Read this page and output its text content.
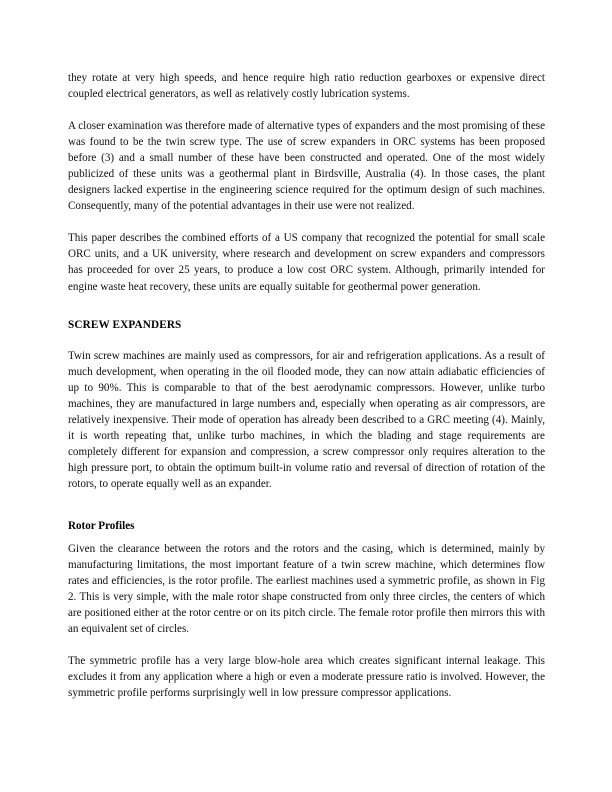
they rotate at very high speeds, and hence require high ratio reduction gearboxes or expensive direct coupled electrical generators, as well as relatively costly lubrication systems.

A closer examination was therefore made of alternative types of expanders and the most promising of these was found to be the twin screw type. The use of screw expanders in ORC systems has been proposed before (3) and a small number of these have been constructed and operated. One of the most widely publicized of these units was a geothermal plant in Birdsville, Australia (4). In those cases, the plant designers lacked expertise in the engineering science required for the optimum design of such machines. Consequently, many of the potential advantages in their use were not realized.

This paper describes the combined efforts of a US company that recognized the potential for small scale ORC units, and a UK university, where research and development on screw expanders and compressors has proceeded for over 25 years, to produce a low cost ORC system. Although, primarily intended for engine waste heat recovery, these units are equally suitable for geothermal power generation.

SCREW EXPANDERS

Twin screw machines are mainly used as compressors, for air and refrigeration applications. As a result of much development, when operating in the oil flooded mode, they can now attain adiabatic efficiencies of up to 90%. This is comparable to that of the best aerodynamic compressors. However, unlike turbo machines, they are manufactured in large numbers and, especially when operating as air compressors, are relatively inexpensive. Their mode of operation has already been described to a GRC meeting (4). Mainly, it is worth repeating that, unlike turbo machines, in which the blading and stage requirements are completely different for expansion and compression, a screw compressor only requires alteration to the high pressure port, to obtain the optimum built-in volume ratio and reversal of direction of rotation of the rotors, to operate equally well as an expander.

Rotor Profiles

Given the clearance between the rotors and the rotors and the casing, which is determined, mainly by manufacturing limitations, the most important feature of a twin screw machine, which determines flow rates and efficiencies, is the rotor profile. The earliest machines used a symmetric profile, as shown in Fig 2. This is very simple, with the male rotor shape constructed from only three circles, the centers of which are positioned either at the rotor centre or on its pitch circle. The female rotor profile then mirrors this with an equivalent set of circles.

The symmetric profile has a very large blow-hole area which creates significant internal leakage. This excludes it from any application where a high or even a moderate pressure ratio is involved. However, the symmetric profile performs surprisingly well in low pressure compressor applications.
